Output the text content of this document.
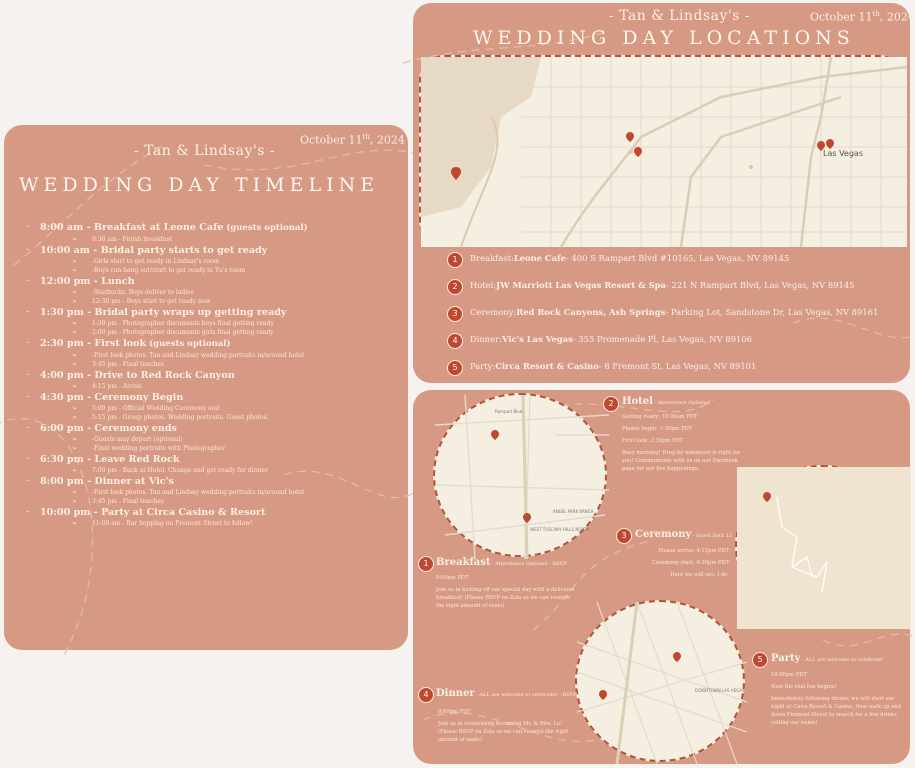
October 11th, 2024
- Tan & Lindsay's -
WEDDING DAY TIMELINE
-	8:00 am - Breakfast at Leone Cafe (guests optional)
➢	9:30 am - Finish breakfast
-	10:00 am - Bridal party starts to get ready
➢	- Girls start to get ready in Lindsay's room
➢	- Boys can hang out/start to get ready in Tu's room
-	12:00 pm - Lunch
➢	- Starbucks. Boys deliver to ladies
➢	12:30 pm - Boys start to get ready now
-	1:30 pm - Bridal party wraps up getting ready
➢	1:30 pm - Photographer documents boys final getting ready
➢	2:00 pm - Photographer documents girls final getting ready
-	2:30 pm - First look (guests optional)
➢	- First look photos. Tan and Lindsay wedding portraits in/around hotel
➢	3:45 pm - Final touches
-	4:00 pm - Drive to Red Rock Canyon
➢	4:15 pm - Arrive
-	4:30 pm - Ceremony Begin
➢	5:00 pm - Official Wedding Ceremony end
➢	5:15 pm - Group photos. Wedding portraits. Guest photos.
-	6:00 pm - Ceremony ends
➢	- Guests may depart (optional)
➢	- Final wedding portraits with Photographer
-	6:30 pm - Leave Red Rock
➢	7:00 pm - Back at Hotel. Change and get ready for dinner
-	8:00 pm - Dinner at Vic's
➢	- First look photos. Tan and Lindsay wedding portraits in/around hotel
➢	3:45 pm - Final touches
-	10:00 pm - Party at Circa Casino & Resort
➢	11:00 am - Bar hopping on Fremont Street to follow!
- Tan & Lindsay's -	October 11th, 2024
WEDDING DAY LOCATIONS
Las Vegas
1	Breakfast: Leone Cafe - 400 S Rampart Blvd #10165, Las Vegas, NV 89145
2	Hotel: JW Marriott Las Vegas Resort & Spa - 221 N Rampart Blvd, Las Vegas, NV 89145
3	Ceremony: Red Rock Canyons, Ash Springs - Parking Lot, Sandstone Dr, Las Vegas, NV 89161
4	Dinner: Vic's Las Vegas - 355 Promenade Pl, Las Vegas, NV 89106
5	Party: Circa Resort & Casino - 8 Fremont St, Las Vegas, NV 89101
Rampart Blvd
ANGEL PARK RANCH
WEST TUSCANY HILLS NORTH
DOWNTOWN LAS VEGAS
2 Hotel - Attendance Optional

Getting ready: 10:00am PDT

Photos begin: 1:30pm PDT

First look: 2:30pm PDT

Busy morning! Drop by whenever is right for you! Communicate with us on our Facebook page for our live happenings.

3 Ceremony - Guest limit 12

Please arrive: 4:15pm PDT

Ceremony start: 4:30pm PDT

Here we will say: I do.

1 Breakfast - Attendance Optional - RSVP

8:00am PDT

Join us in kicking off our special day with a delicious breakfast! (Please RSVP on Zola so we can reserve the right amount of seats)

4 Dinner - ALL are welcome to celebrate! - RSVP

8:00pm PDT

Join us in celebrating becoming Mr. & Mrs. Le! (Please RSVP on Zola so we can reserve the right amount of seats)

5 Party - ALL are welcome to celebrate!

10:00pm PDT

Now the real fun begins!

Immediately following dinner, we will start our night at Circa Resort & Casino, then walk up and down Fremont Street to search for a few drinks calling our name!
